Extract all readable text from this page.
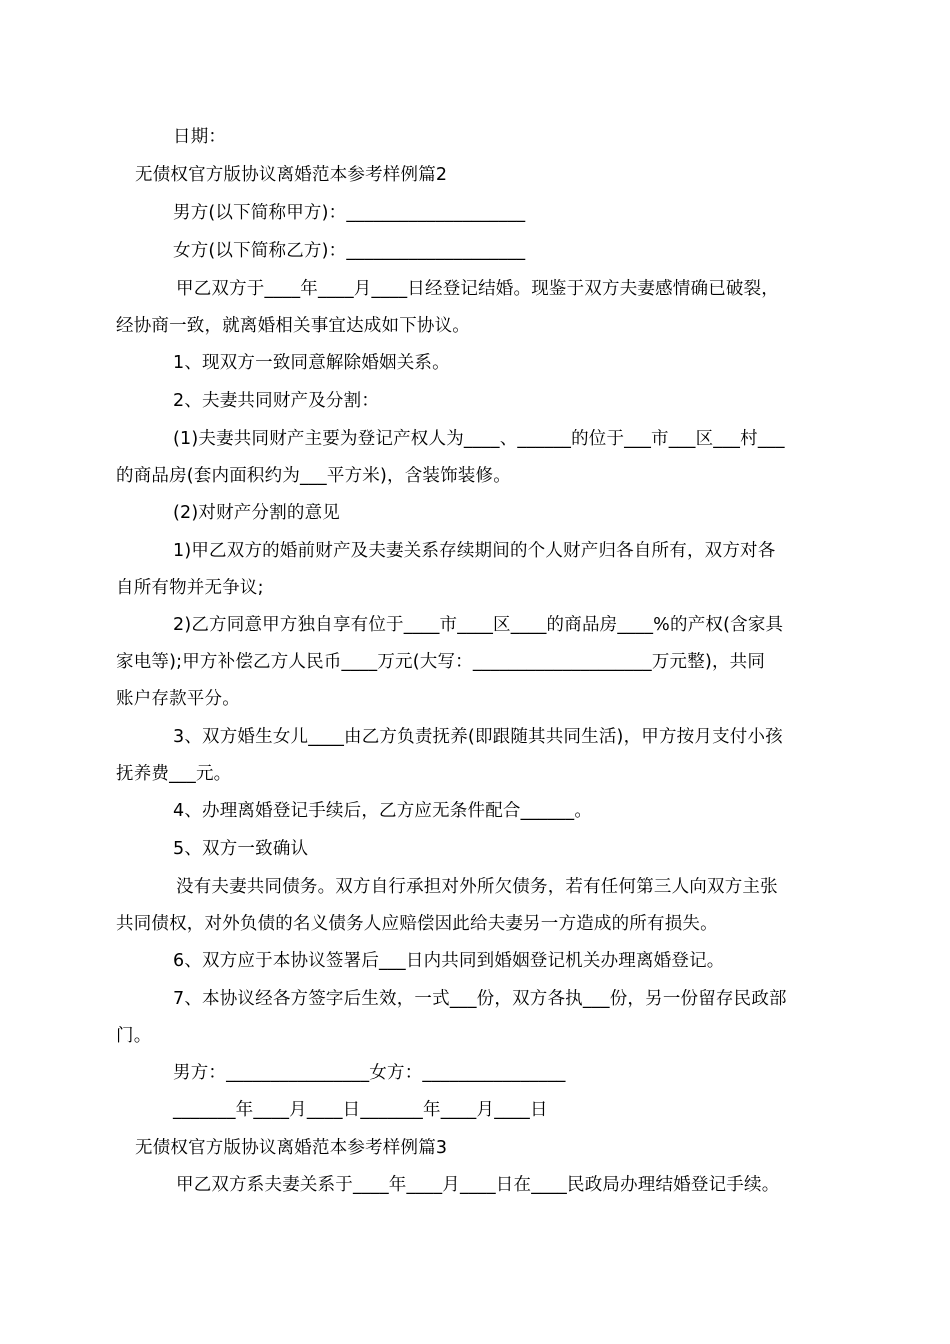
日期：
无债权官方版协议离婚范本参考样例篇2
男方(以下简称甲方)：____________________
女方(以下简称乙方)：____________________
甲乙双方于____年____月____日经登记结婚。现鉴于双方夫妻感情确已破裂，
经协商一致，就离婚相关事宜达成如下协议。
1、现双方一致同意解除婚姻关系。
2、夫妻共同财产及分割：
(1)夫妻共同财产主要为登记产权人为____、______的位于___市___区___村___
的商品房(套内面积约为___平方米)，含装饰装修。
(2)对财产分割的意见
1)甲乙双方的婚前财产及夫妻关系存续期间的个人财产归各自所有，双方对各
自所有物并无争议;
2)乙方同意甲方独自享有位于____市____区____的商品房____%的产权(含家具
家电等);甲方补偿乙方人民币____万元(大写：____________________万元整)，共同
账户存款平分。
3、双方婚生女儿____由乙方负责抚养(即跟随其共同生活)，甲方按月支付小孩
抚养费___元。
4、办理离婚登记手续后，乙方应无条件配合______。
5、双方一致确认
没有夫妻共同债务。双方自行承担对外所欠债务，若有任何第三人向双方主张
共同债权，对外负债的名义债务人应赔偿因此给夫妻另一方造成的所有损失。
6、双方应于本协议签署后___日内共同到婚姻登记机关办理离婚登记。
7、本协议经各方签字后生效，一式___份，双方各执___份，另一份留存民政部
门。
男方：________________女方：________________
_______年____月____日_______年____月____日
无债权官方版协议离婚范本参考样例篇3
甲乙双方系夫妻关系于____年____月____日在____民政局办理结婚登记手续。
